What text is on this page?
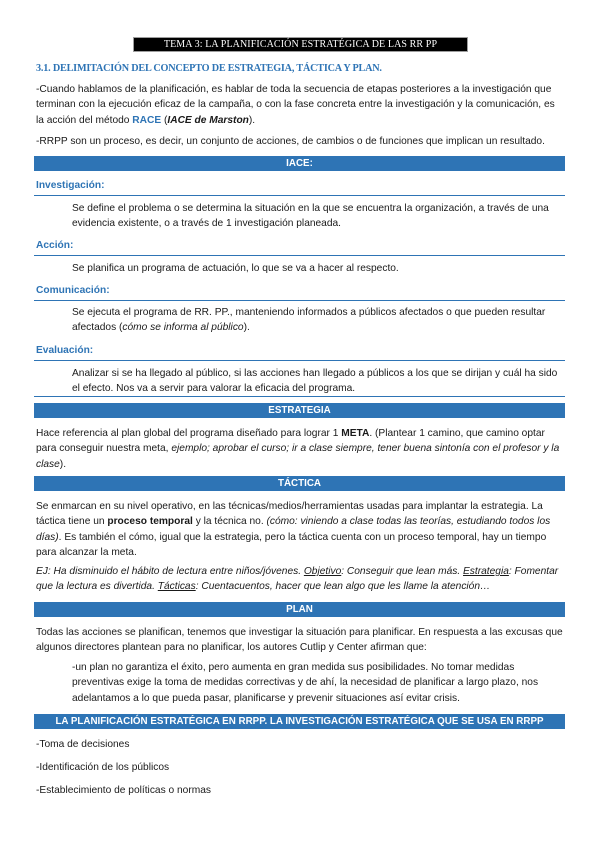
TEMA 3: LA PLANIFICACIÓN ESTRATÉGICA DE LAS RR PP
3.1. DELIMITACIÓN DEL CONCEPTO DE ESTRATEGIA, TÁCTICA Y PLAN.
-Cuando hablamos de la planificación, es hablar de toda la secuencia de etapas posteriores a la investigación que terminan con la ejecución eficaz de la campaña, o con la fase concreta entre la investigación y la comunicación, es la acción del método RACE (IACE de Marston).
-RRPP son un proceso, es decir, un conjunto de acciones, de cambios o de funciones que implican un resultado.
IACE:
Investigación:
Se define el problema o se determina la situación en la que se encuentra la organización, a través de una evidencia existente, o a través de 1 investigación planeada.
Acción:
Se planifica un programa de actuación, lo que se va a hacer al respecto.
Comunicación:
Se ejecuta el programa de RR. PP., manteniendo informados a públicos afectados o que pueden resultar afectados (cómo se informa al público).
Evaluación:
Analizar si se ha llegado al público, si las acciones han llegado a públicos a los que se dirijan y cuál ha sido el efecto. Nos va a servir para valorar la eficacia del programa.
ESTRATEGIA
Hace referencia al plan global del programa diseñado para lograr 1 META. (Plantear 1 camino, que camino optar para conseguir nuestra meta, ejemplo; aprobar el curso; ir a clase siempre, tener buena sintonía con el profesor y la clase).
TÁCTICA
Se enmarcan en su nivel operativo, en las técnicas/medios/herramientas usadas para implantar la estrategia. La táctica tiene un proceso temporal y la técnica no. (cómo: viniendo a clase todas las teorías, estudiando todos los días). Es también el cómo, igual que la estrategia, pero la táctica cuenta con un proceso temporal, hay un tiempo para alcanzar la meta.
EJ: Ha disminuido el hábito de lectura entre niños/jóvenes. Objetivo: Conseguir que lean más. Estrategia: Fomentar que la lectura es divertida. Tácticas: Cuentacuentos, hacer que lean algo que les llame la atención…
PLAN
Todas las acciones se planifican, tenemos que investigar la situación para planificar. En respuesta a las excusas que algunos directores plantean para no planificar, los autores Cutlip y Center afirman que:
-un plan no garantiza el éxito, pero aumenta en gran medida sus posibilidades. No tomar medidas preventivas exige la toma de medidas correctivas y de ahí, la necesidad de planificar a largo plazo, nos adelantamos a lo que pueda pasar, planificarse y prevenir situaciones así evitar crisis.
LA PLANIFICACIÓN ESTRATÉGICA EN RRPP. LA INVESTIGACIÓN ESTRATÉGICA QUE SE USA EN RRPP
-Toma de decisiones
-Identificación de los públicos
-Establecimiento de políticas o normas
